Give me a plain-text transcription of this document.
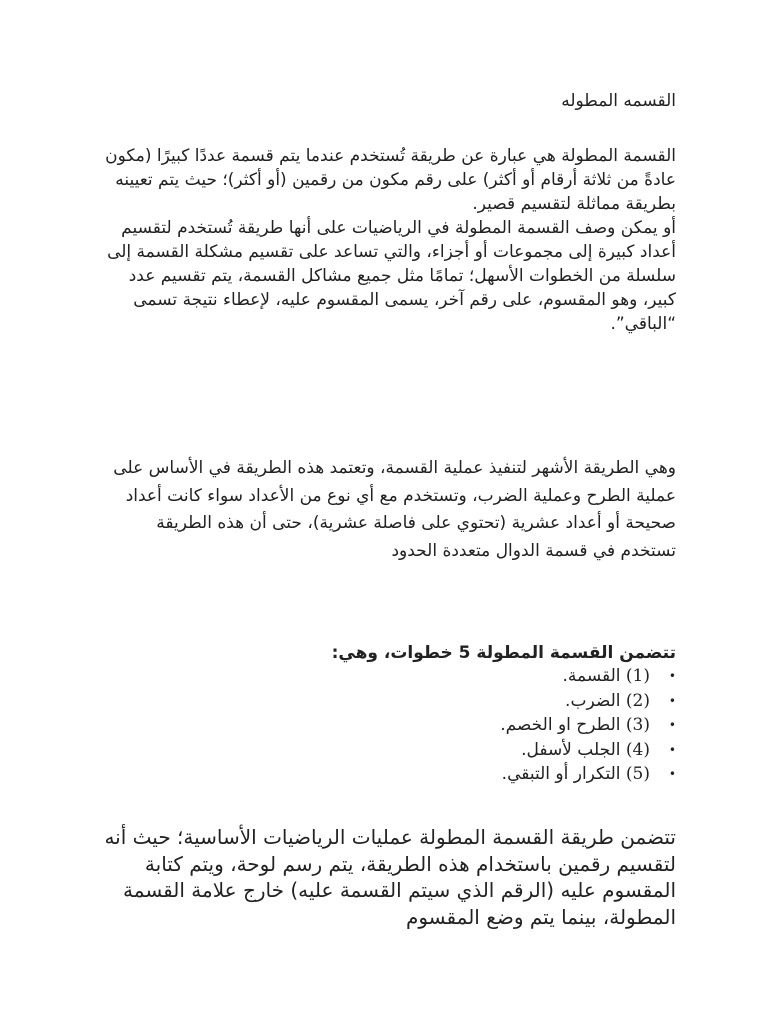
القسمه المطوله

القسمة المطولة هي عبارة عن طريقة تُستخدم عندما يتم قسمة عددًا كبيرًا (مكون عادةً من ثلاثة أرقام أو أكثر) على رقم مكون من رقمين (أو أكثر)؛ حيث يتم تعيينه بطريقة مماثلة لتقسيم قصير.

أو يمكن وصف القسمة المطولة في الرياضيات على أنها طريقة تُستخدم لتقسيم أعداد كبيرة إلى مجموعات أو أجزاء، والتي تساعد على تقسيم مشكلة القسمة إلى سلسلة من الخطوات الأسهل؛ تمامًا مثل جميع مشاكل القسمة، يتم تقسيم عدد كبير، وهو المقسوم، على رقم آخر، يسمى المقسوم عليه، لإعطاء نتيجة تسمى “الباقي”.

وهي الطريقة الأشهر لتنفيذ عملية القسمة، وتعتمد هذه الطريقة في الأساس على عملية الطرح وعملية الضرب، وتستخدم مع أي نوع من الأعداد سواء كانت أعداد صحيحة أو أعداد عشرية (تحتوي على فاصلة عشرية)، حتى أن هذه الطريقة تستخدم في قسمة الدوال متعددة الحدود
تتضمن القسمة المطولة 5 خطوات، وهي:
•
(1) القسمة.
•
(2) الضرب.
•
(3) الطرح او الخصم.
•
(4) الجلب لأسفل.
•
(5) التكرار أو التبقي.
تتضمن طريقة القسمة المطولة عمليات الرياضيات الأساسية؛ حيث أنه لتقسيم رقمين باستخدام هذه الطريقة، يتم رسم لوحة، ويتم كتابة المقسوم عليه (الرقم الذي سيتم القسمة عليه) خارج علامة القسمة المطولة، بينما يتم وضع المقسوم
